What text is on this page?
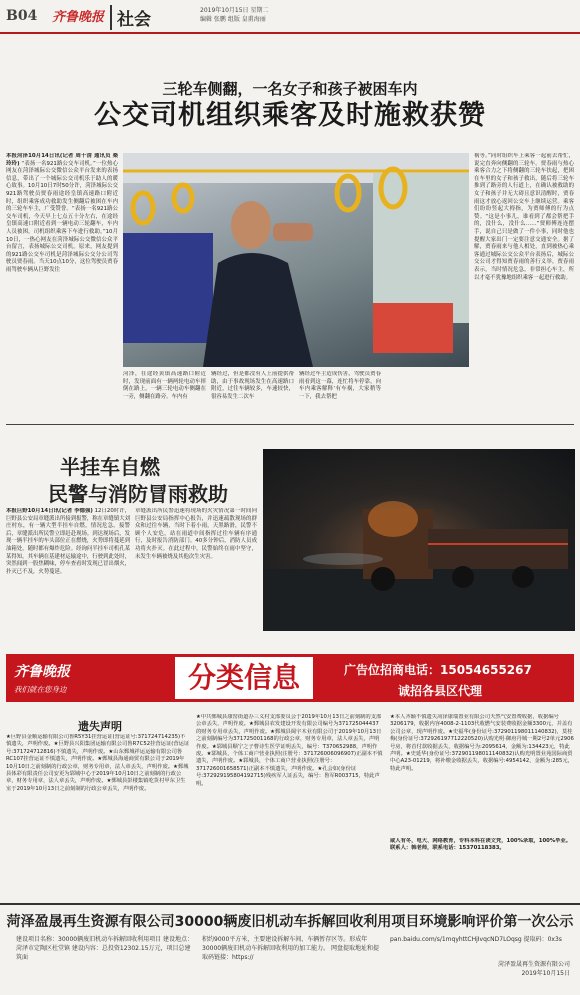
B04 齐鲁晚报 社会	2019年10月15日 星期二
编辑 张鹏 组版 皇甫海丽
三轮车侧翻，一名女子和孩子被困车内
公交司机组织乘客及时施救获赞
本报菏泽10月14日讯(记者 周千清 通讯员 桑玲玲) “表扬一名921路公交车司机。”一位热心网友在菏泽城际公交微信公众平台发来的表扬信息，带出了一个城际公交司机乐于助人的暖心故事。10月10日7时50分许，菏泽城际公交921路驾驶员贾春雨途经皇镇高速路口附近时，组织乘客成功救助发生侧翻后被困在车内的三轮车车主，广受赞誉。“表扬一名921路公交车司机，今天早上七点五十分左右，在途经皇镇高速口附近看到一辆电动三轮翻车，车内人员被困。司机组织乘客下车进行救助。”10月10日，一热心网友在菏泽城际公交微信公众平台留言，表扬城际公交司机。原来，网友提到的921路公交车司机是菏泽城际公交分公司驾驶员贾春雨。当天10点10分，这位驾驶员贾春雨驾驶车辆从巨野发往
菏泽，在途经黄镇高速路口附近时，发现前面有一辆两轮电动车摔倒在路上，一辆三轮电动车侧翻在一旁，侧翻在路旁。车内有
辆经过，但是都没有人上前提供帮助，由于事故现场发生在高速路口附近，过往车辆较多，车速较快，很容易发生二次车
辆经过车主造成伤害，驾驶员贾春雨看到这一幕，连忙将车停靠，向车内乘客解释‘有车祸，大家稍等一下，我去帮把
祸等。”同时组织车上乘客一起前去帮忙，说完直奔向侧翻的三轮车。贾春雨与热心乘客合力之下将侧翻的三轮车扶起，把困在车里的女子和孩子救出，随后将三轮车推到了路旁的人行道上，在确认被救助的女子和孩子并无大碍且意识清醒时，贾春雨这才放心返回公交车上继续运营。乘客们纷纷竖起大拇指，为贾师傅的行为点赞。“这是小事儿，谁看到了都会帮把手的，没什么，没什么……”贾师傅连连摆手，说自己只是做了一件小事，同时他也提醒大家出门一定要注意交通安全。据了解，贾春雨来与他人相处，直到被热心乘客通过城际公交公众平台表扬后，城际公交公司才得知贾春雨的善行义举。贾春雨表示，当时情况危急，非常担心车主，所以才毫不犹豫地组织乘客一起进行救助。
半挂车自燃
民警与消防冒雨救助
本报巨野10月14日讯(记者 李德强) 12日20时许，巨野县公安局章缝派出所接到报警，称在章缝镇大刘庄村东，有一辆大型半挂车自燃，情况危急。接警后，章缝派出所民警立即赶赴现场。到达现场后，发现一辆半挂车的车头部位正在燃烧，火势即将蔓延到油箱处，随时都有爆炸危险。经询问半挂车司机孔某某得知，其车辆在基建材运输途中，行驶到此处时，突然闻到一股焦糊味，停车查看时发现已冒出烟火，扑灭已不及，火势蔓延。
章缝派出所民警迅速将现场的火灾情况第一时间向巨野县公安局指挥中心报告，并迅速疏散现场的群众和过往车辆，当时下着小雨，天黑路滑，民警不顾个人安危，站在雨道中间指挥过往车辆有序通行，及时报告消防部门。40多分钟后，消防人员成功将火扑灭。在此过程中，民警始终在雨中坚守，未发生车辆被烧及其他次生灾害。
齐鲁晚报
我们就在您身边	分类信息	广告位招商电话：15054655267
诚招各县区代理
遗失声明
★巨野县金顺运输有限公司鲁R5Y31挂营运证(营运证号:371724714235)不慎遗失，声明作废。★巨野县兴阳集团运输有限公司鲁R7C52挂营运证(营运证号:371724712816)不慎遗失，声明作废。★山东鄄城祥运运输有限公司鲁RC107挂营运证不慎遗失，声明作废。★鄄城县海通商贸有限公司于2019年10月10日之前刻制的行政公章，财务专用章，法人章丢失，声明作废。★鄄城县体彩有限责任公司安更为郓城中心于2019年10月10日之前刻制的行政公章，财务专用章，法人章丢失，声明作废。★鄄城县彭楼集镇吃货村甲东卫生室于2019年10月13日之前刻制的行政公章丢失，声明作废。
★中共鄄城县康窑街道办三义村支部委员会于2019年10月13日之前刻制的支部公章丢失，声明作废。★鄄城县农发建设开发有限公司编号为371725044437的财务专用章丢失，声明作废。★鄄城县阔宇木业有限公司于2019年10月13日之前刻制编号为371725001168的行政公章，财务专用章，法人章丢失，声明作废。★郓城县顺宁之子曹诗生医学证明丢失，编号：T370652988，声明作废。★郓城县，个体工商户营业执照(注册号：371726006096907)正副本不慎遗失，声明作废。★郓城县，个体工商户营业执照(注册号：371726001658571)正副本不慎遗失，声明作废。★孔会如(身份证号:372929195804192715)残疾军人证丢失，编号：鲁军R003715，特此声明。
★本人齐颖不慎遗失菏泽康瑞置业有限公司天然气安置费收据，收据编号3206179，收据内容4008-2-1103代收燃气安装费收据金额3300元，并盖有公司公章，现声明作废。★史福华(身份证号:372901198011140832)，莫桂梅(身份证号:372926197712220520)认购光明·御府丹城一期2号2单元2906号房，将首付款收据丢失，收据编号为:2095614，金额为:134423元，特此声明。★史延华(身份证号:372901198011140832)认购光明置业苑国际商贸中心A23-01219，将补缴金收据丢失，收据编号:4954142，金额为:285元，特此声明。
咸人有冬，电大、网络教育，专科本科在读文凭，100%录取，100%毕业。联系人：韩老师，联系电话：15370118383。
菏泽盈晟再生资源有限公司30000辆废旧机动车拆解回收利用项目环境影响评价第一次公示
建设项目名称：30000辆废旧机动车拆解回收利用项目 建设地点：菏泽市定陶区杜堂镇 建设内容：总投资12302.15万元，项目总建筑面
积约9000平方米，主要建设拆解车间、车辆暂存区等。形成年30000辆废旧机动车拆解回收利用的加工能力。 网盘提取地址和提取码链接：https://
pan.baidu.com/s/1mqyhttCHjIvqcND7LOqsg 提取码：0x3s
菏泽盈晟再生资源有限公司
2019年10月15日
